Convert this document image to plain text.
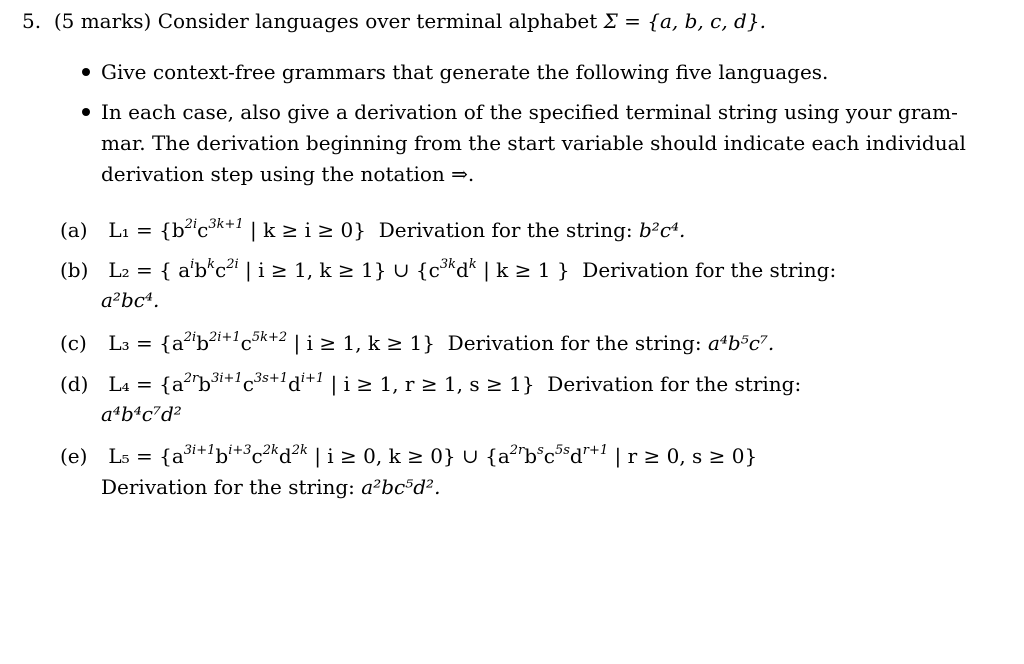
5. (5 marks) Consider languages over terminal alphabet Σ = {a, b, c, d}.
Give context-free grammars that generate the following five languages.
In each case, also give a derivation of the specified terminal string using your gram-
mar. The derivation beginning from the start variable should indicate each individual
derivation step using the notation ⇒.
(a) $L_1 = \{b^{2i}c^{3k+1}$ | k ≥ i ≥ 0} Derivation for the string: b²c⁴.
(b) L₂ = { $a^ib^kc^{2i}$ | i ≥ 1, k ≥ 1} ∪ {$c^{3k}d^k$ | k ≥ 1 } Derivation for the string:
a²bc⁴.
(c) $L_3 = \{a^{2i}b^{2i+1}c^{5k+2}$ | i ≥ 1, k ≥ 1} Derivation for the string: a⁴b⁵c⁷.
(d) $L_4 = \{a^{2r}b^{3i+1}c^{3s+1}d^{i+1}$ | i ≥ 1, r ≥ 1, s ≥ 1} Derivation for the string:
a⁴b⁴c⁷d²
(e) $L_5 = \{a^{3i+1}b^{i+3}c^{2k}d^{2k}$ | i ≥ 0, k ≥ 0} ∪ {$a^{2r}b^sc^{5s}d^{r+1}$ | r ≥ 0, s ≥ 0}
Derivation for the string: a²bc⁵d².
